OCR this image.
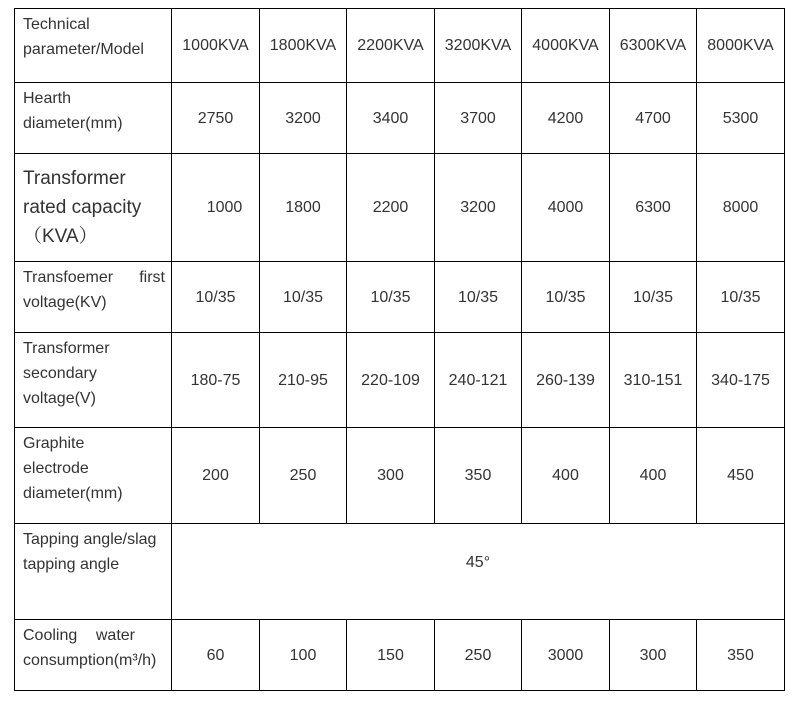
Technical parameter/Model	1000KVA	1800KVA	2200KVA	3200KVA	4000KVA	6300KVA	8000KVA
Hearth diameter(mm)	2750	3200	3400	3700	4200	4700	5300

Transformer
rated capacity
（KVA）	1000	1800	2200	3200	4000	6300	8000

Transfoemer first
voltage(KV)	10/35	10/35	10/35	10/35	10/35	10/35	10/35
Transformer secondary voltage(V)	180-75	210-95	220-109	240-121	260-139	310-151	340-175
Graphite electrode diameter(mm)	200	250	300	350	400	400	450
Tapping angle/slag tapping angle	45°						

Cooling water
consumption(m³/h)	60	100	150	250	3000	300	350
